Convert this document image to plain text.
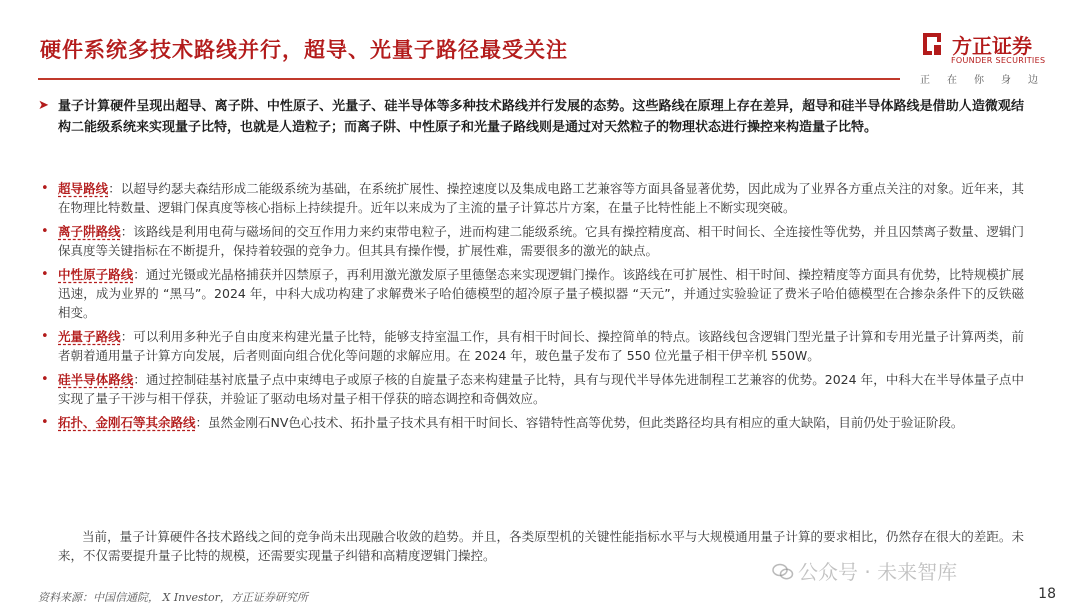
硬件系统多技术路线并行，超导、光量子路径最受关注	方正证券
FOUNDER SECURITIES
正在你身边
➤ 量子计算硬件呈现出超导、离子阱、中性原子、光量子、硅半导体等多种技术路线并行发展的态势。这些路线在原理上存在差异，超导和硅半导体路线是借助人造微观结构二能级系统来实现量子比特，也就是人造粒子；而离子阱、中性原子和光量子路线则是通过对天然粒子的物理状态进行操控来构造量子比特。
• 超导路线：以超导约瑟夫森结形成二能级系统为基础，在系统扩展性、操控速度以及集成电路工艺兼容等方面具备显著优势，因此成为了业界各方重点关注的对象。近年来，其在物理比特数量、逻辑门保真度等核心指标上持续提升。近年以来成为了主流的量子计算芯片方案，在量子比特性能上不断实现突破。
• 离子阱路线：该路线是利用电荷与磁场间的交互作用力来约束带电粒子，进而构建二能级系统。它具有操控精度高、相干时间长、全连接性等优势，并且囚禁离子数量、逻辑门保真度等关键指标在不断提升，保持着较强的竞争力。但其具有操作慢，扩展性难，需要很多的激光的缺点。
• 中性原子路线：通过光镊或光晶格捕获并囚禁原子，再利用激光激发原子里德堡态来实现逻辑门操作。该路线在可扩展性、相干时间、操控精度等方面具有优势，比特规模扩展迅速，成为业界的 “黑马”。2024 年，中科大成功构建了求解费米子哈伯德模型的超冷原子量子模拟器 “天元”，并通过实验验证了费米子哈伯德模型在合掺杂条件下的反铁磁相变。
• 光量子路线：可以利用多种光子自由度来构建光量子比特，能够支持室温工作，具有相干时间长、操控简单的特点。该路线包含逻辑门型光量子计算和专用光量子计算两类，前者朝着通用量子计算方向发展，后者则面向组合优化等问题的求解应用。在 2024 年，玻色量子发布了 550 位光量子相干伊辛机 550W。
• 硅半导体路线：通过控制硅基衬底量子点中束缚电子或原子核的自旋量子态来构建量子比特，具有与现代半导体先进制程工艺兼容的优势。2024 年，中科大在半导体量子点中实现了量子干涉与相干俘获，并验证了驱动电场对量子相干俘获的暗态调控和奇偶效应。
• 拓扑、金刚石等其余路线：虽然金刚石NV色心技术、拓扑量子技术具有相干时间长、容错特性高等优势，但此类路径均具有相应的重大缺陷，目前仍处于验证阶段。
当前，量子计算硬件各技术路线之间的竞争尚未出现融合收敛的趋势。并且，各类原型机的关键性能指标水平与大规模通用量子计算的要求相比，仍然存在很大的差距。未来，不仅需要提升量子比特的规模，还需要实现量子纠错和高精度逻辑门操控。
资料来源：中国信通院， X Investor，方正证券研究所
公众号 · 未来智库
18
